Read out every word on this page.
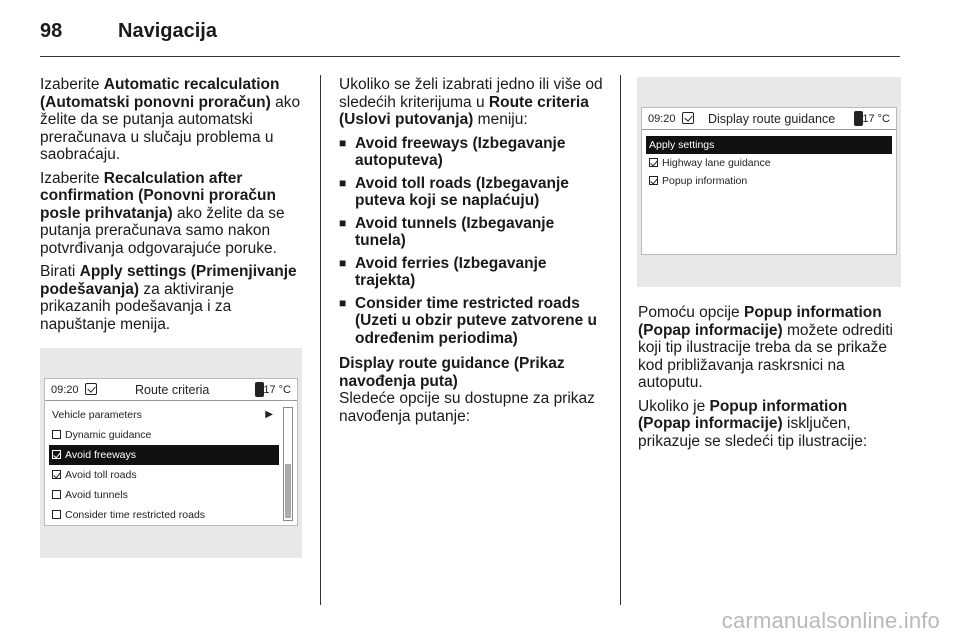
98	Navigacija

Izaberite Automatic recalculation (Automatski ponovni proračun) ako želite da se putanja automatski preračunava u slučaju problema u saobraćaju.

Izaberite Recalculation after confirmation (Ponovni proračun posle prihvatanja) ako želite da se putanja preračunava samo nakon potvrđivanja odgovarajuće poruke.

Birati Apply settings (Primenjivanje podešavanja) za aktiviranje prikazanih podešavanja i za napuštanje menija.

09:20	Route criteria	17 °C
Vehicle parameters	▶︎
Dynamic guidance
Avoid freeways
Avoid toll roads
Avoid tunnels
Consider time restricted roads

Ukoliko se želi izabrati jedno ili više od sledećih kriterijuma u Route criteria (Uslovi putovanja) meniju:

■ Avoid freeways (Izbegavanje autoputeva)
■ Avoid toll roads (Izbegavanje puteva koji se naplaćuju)
■ Avoid tunnels (Izbegavanje tunela)
■ Avoid ferries (Izbegavanje trajekta)
■ Consider time restricted roads (Uzeti u obzir puteve zatvorene u određenim periodima)

Display route guidance (Prikaz navođenja puta)

Sledeće opcije su dostupne za prikaz navođenja putanje:

09:20	Display route guidance 17 °C
Apply settings
Highway lane guidance
Popup information

Pomoću opcije Popup information (Popap informacije) možete odrediti koji tip ilustracije treba da se prikaže kod približavanja raskrsnici na autoputu.

Ukoliko je Popup information (Popap informacije) isključen, prikazuje se sledeći tip ilustracije:

carmanualsonline.info
